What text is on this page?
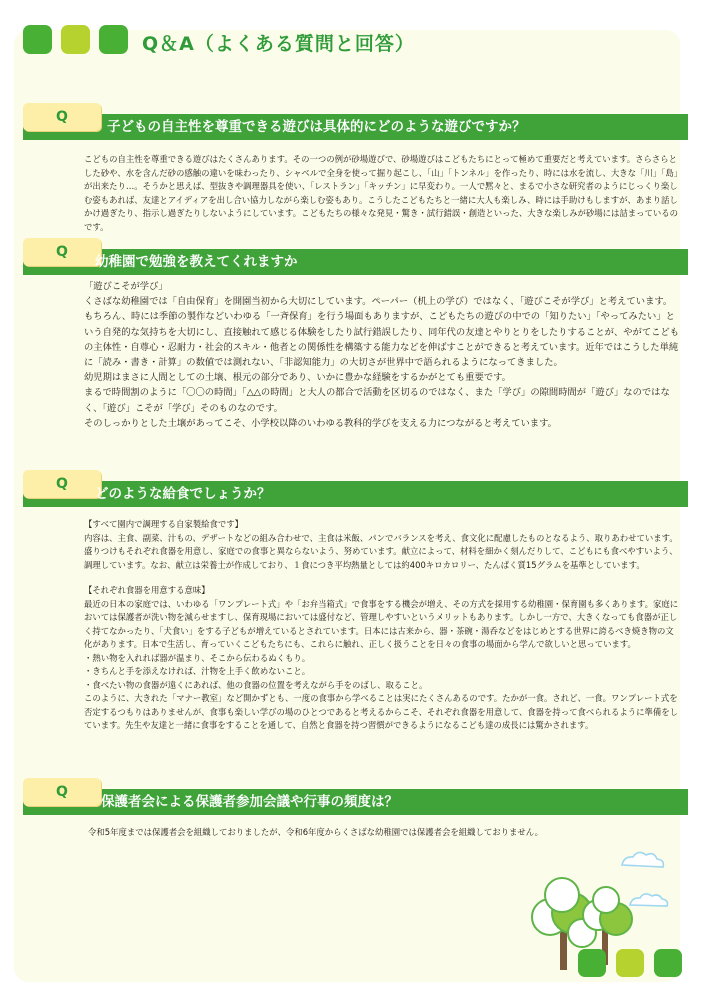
Q＆A（よくある質問と回答）
Q
子どもの自主性を尊重できる遊びは具体的にどのような遊びですか？

こどもの自主性を尊重できる遊びはたくさんあります。その一つの例が砂場遊びで、砂場遊びはこどもたちにとって極めて重要だと考えています。さらさらとした砂や、水を含んだ砂の感触の違いを味わったり、シャベルで全身を使って掘り起こし、「山」「トンネル」を作ったり、時には水を流し、大きな「川」「島」が出来たり…。そうかと思えば、型抜きや調理器具を使い、「レストラン」「キッチン」に早変わり。一人で黙々と、まるで小さな研究者のようにじっくり楽しむ姿もあれば、友達とアイディアを出し合い協力しながら楽しむ姿もあり。こうしたこどもたちと一緒に大人も楽しみ、時には手助けもしますが、あまり話しかけ過ぎたり、指示し過ぎたりしないようにしています。こどもたちの様々な発見・驚き・試行錯誤・創造といった、大きな楽しみが砂場には詰まっているのです。

Q
幼稚園で勉強を教えてくれますか

「遊びこそが学び」

くさばな幼稚園では「自由保育」を開園当初から大切にしています。ペーパー（机上の学び）ではなく、「遊びこそが学び」と考えています。

もちろん、時には季節の製作などいわゆる「一斉保育」を行う場面もありますが、こどもたちの遊びの中での「知りたい」「やってみたい」という自発的な気持ちを大切にし、直接触れて感じる体験をしたり試行錯誤したり、同年代の友達とやりとりをしたりすることが、やがてこどもの主体性・自尊心・忍耐力・社会的スキル・他者との関係性を構築する能力などを伸ばすことができると考えています。近年ではこうした単純に「読み・書き・計算」の数値では測れない、「非認知能力」の大切さが世界中で語られるようになってきました。

幼児期はまさに人間としての土壌、根元の部分であり、いかに豊かな経験をするかがとても重要です。

まるで時間割のように「〇〇の時間」「△△の時間」と大人の都合で活動を区切るのではなく、また「学び」の隙間時間が「遊び」なのではなく、「遊び」こそが「学び」そのものなのです。

そのしっかりとした土壌があってこそ、小学校以降のいわゆる教科的学びを支える力につながると考えています。

Q
どのような給食でしょうか？

【すべて園内で調理する自家製給食です】

内容は、主食、副菜、汁もの、デザートなどの組み合わせで、主食は米飯、パンでバランスを考え、食文化に配慮したものとなるよう、取りあわせています。盛りつけもそれぞれ食器を用意し、家庭での食事と異ならないよう、努めています。献立によって、材料を細かく刻んだりして、こどもにも食べやすいよう、調理しています。なお、献立は栄養士が作成しており、１食につき平均熱量としては約400キロカロリー、たんぱく質15グラムを基準としています。

【それぞれ食器を用意する意味】

最近の日本の家庭では、いわゆる「ワンプレート式」や「お弁当箱式」で食事をする機会が増え、その方式を採用する幼稚園・保育園も多くあります。家庭においては保護者が洗い物を減らせますし、保育現場においては盛付など、管理しやすいというメリットもあります。しかし一方で、大きくなっても食器が正しく持てなかったり、「犬食い」をする子どもが増えているとされています。日本には古来から、器・茶碗・湯呑などをはじめとする世界に誇るべき焼き物の文化があります。日本で生活し、育っていくこどもたちにも、これらに触れ、正しく扱うことを日々の食事の場面から学んで欲しいと思っています。

・熱い物を入れれば器が温まり、そこから伝わるぬくもり。

・きちんと手を添えなければ、汁物を上手く飲めないこと。

・食べたい物の食器が遠くにあれば、他の食器の位置を考えながら手をのばし、取ること。

このように、大きれた「マナー教室」など開かずとも、一度の食事から学べることは実にたくさんあるのです。たかが一食。されど、一食。ワンプレート式を否定するつもりはありませんが、食事も楽しい学びの場のひとつであると考えるからこそ、それぞれ食器を用意して、食器を持って食べられるように準備をしています。先生や友達と一緒に食事をすることを通して、自然と食器を持つ習慣ができるようになるこども達の成長には驚かされます。

Q
保護者会による保護者参加会議や行事の頻度は？

令和5年度までは保護者会を組織しておりましたが、令和6年度からくさばな幼稚園では保護者会を組織しておりません。
